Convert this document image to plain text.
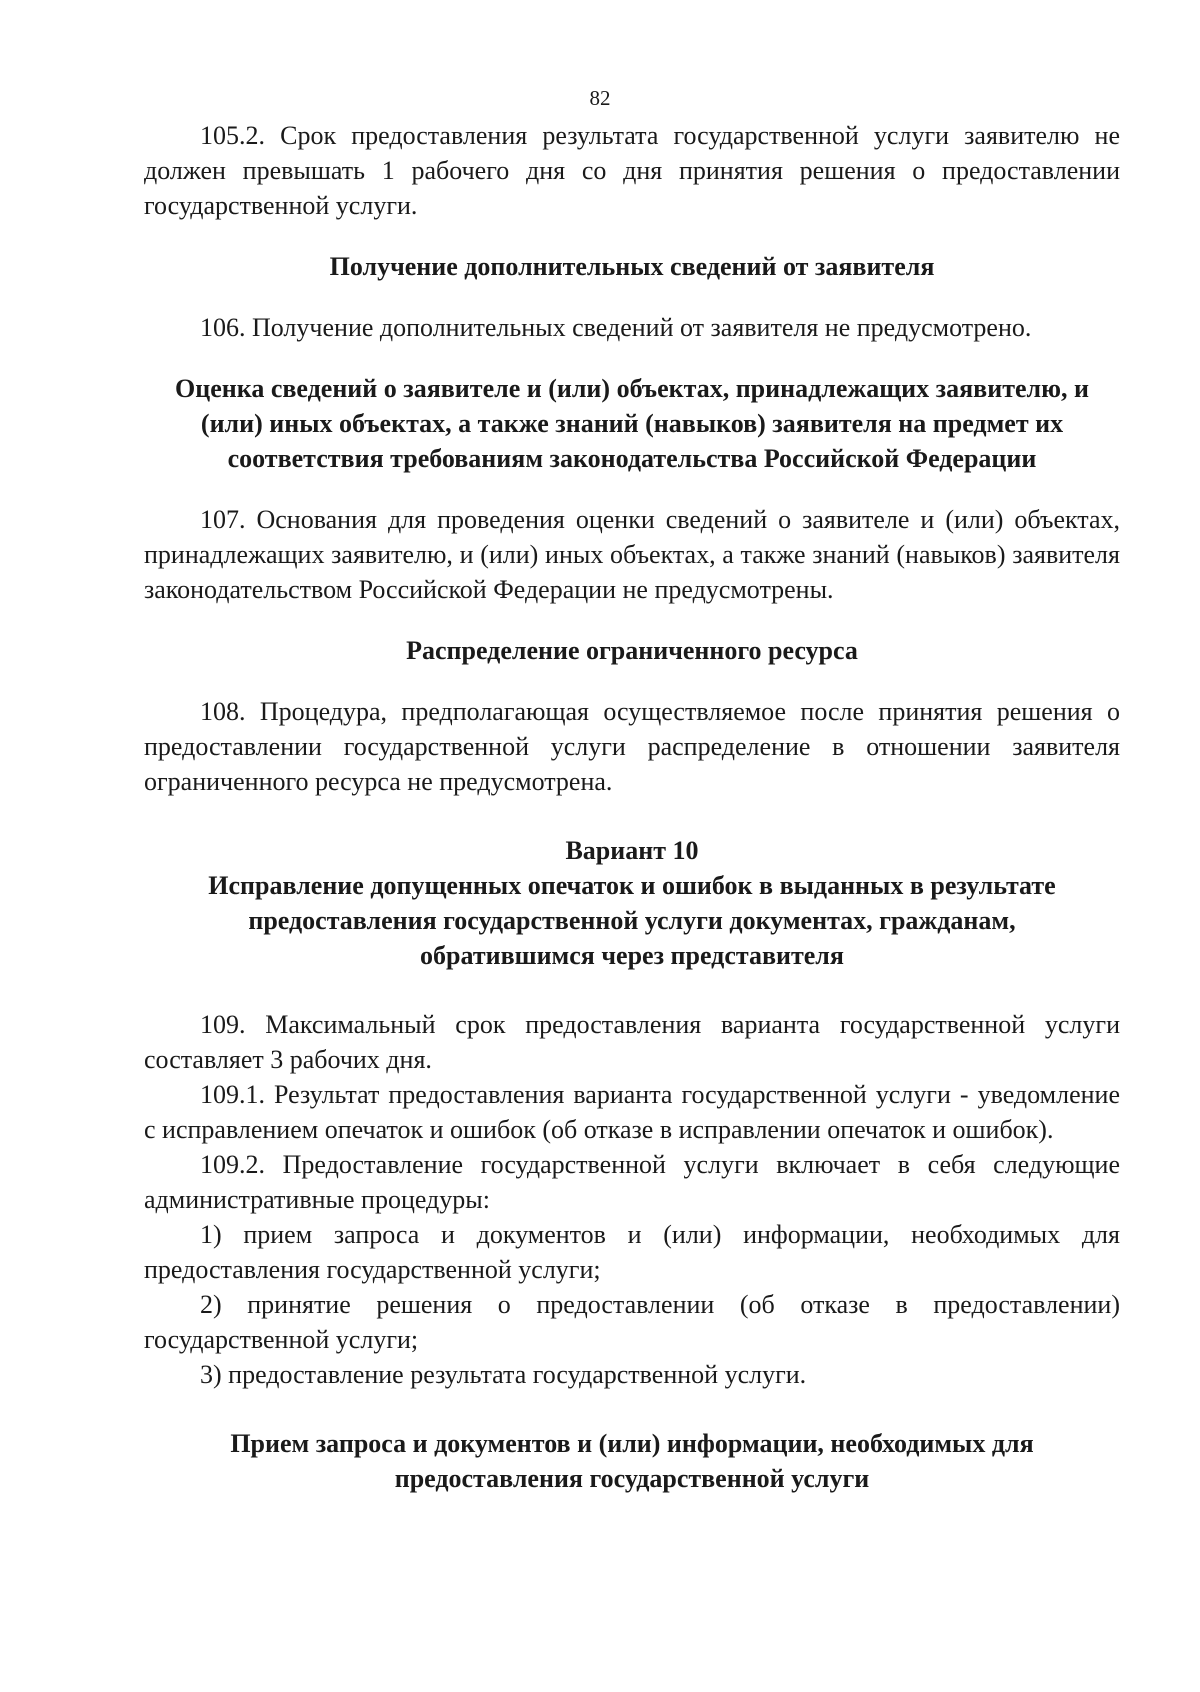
82

105.2. Срок предоставления результата государственной услуги заявителю не должен превышать 1 рабочего дня со дня принятия решения о предоставлении государственной услуги.

Получение дополнительных сведений от заявителя

106. Получение дополнительных сведений от заявителя не предусмотрено.

Оценка сведений о заявителе и (или) объектах, принадлежащих заявителю, и (или) иных объектах, а также знаний (навыков) заявителя на предмет их соответствия требованиям законодательства Российской Федерации

107. Основания для проведения оценки сведений о заявителе и (или) объектах, принадлежащих заявителю, и (или) иных объектах, а также знаний (навыков) заявителя законодательством Российской Федерации не предусмотрены.

Распределение ограниченного ресурса

108. Процедура, предполагающая осуществляемое после принятия решения о предоставлении государственной услуги распределение в отношении заявителя ограниченного ресурса не предусмотрена.

Вариант 10

Исправление допущенных опечаток и ошибок в выданных в результате предоставления государственной услуги документах, гражданам, обратившимся через представителя

109. Максимальный срок предоставления варианта государственной услуги составляет 3 рабочих дня.

109.1. Результат предоставления варианта государственной услуги - уведомление с исправлением опечаток и ошибок (об отказе в исправлении опечаток и ошибок).

109.2. Предоставление государственной услуги включает в себя следующие административные процедуры:

1) прием запроса и документов и (или) информации, необходимых для предоставления государственной услуги;

2) принятие решения о предоставлении (об отказе в предоставлении) государственной услуги;

3) предоставление результата государственной услуги.

Прием запроса и документов и (или) информации, необходимых для предоставления государственной услуги
